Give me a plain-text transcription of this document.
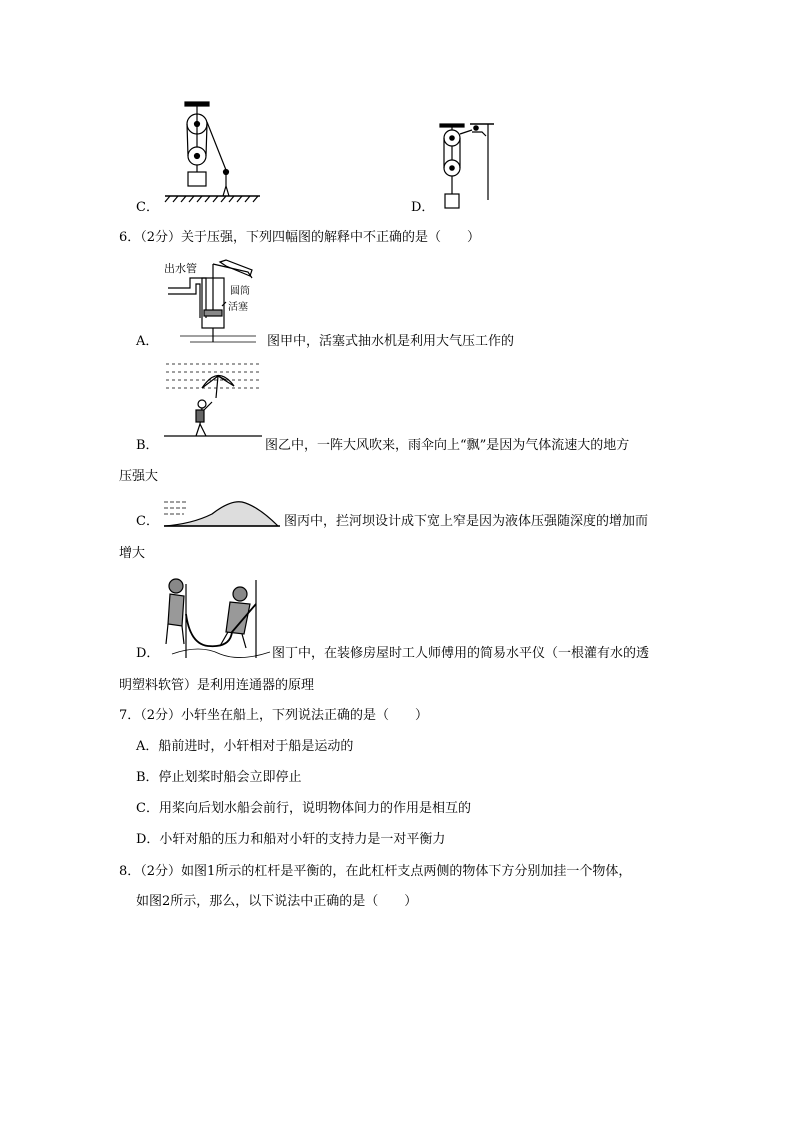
C．	D．
6．（2分）关于压强，下列四幅图的解释中不正确的是（　　）
出水管
圆筒
活塞
A．	图甲中，活塞式抽水机是利用大气压工作的
B．	图乙中，一阵大风吹来，雨伞向上“飘”是因为气体流速大的地方
压强大
C．	图丙中，拦河坝设计成下宽上窄是因为液体压强随深度的增加而
增大
D．	图丁中，在装修房屋时工人师傅用的简易水平仪（一根灌有水的透
明塑料软管）是利用连通器的原理
7．（2分）小轩坐在船上，下列说法正确的是（　　）
A．船前进时，小轩相对于船是运动的
B．停止划桨时船会立即停止
C．用桨向后划水船会前行，说明物体间力的作用是相互的
D．小轩对船的压力和船对小轩的支持力是一对平衡力
8．（2分）如图1所示的杠杆是平衡的，在此杠杆支点两侧的物体下方分别加挂一个物体，
如图2所示，那么，以下说法中正确的是（　　）
